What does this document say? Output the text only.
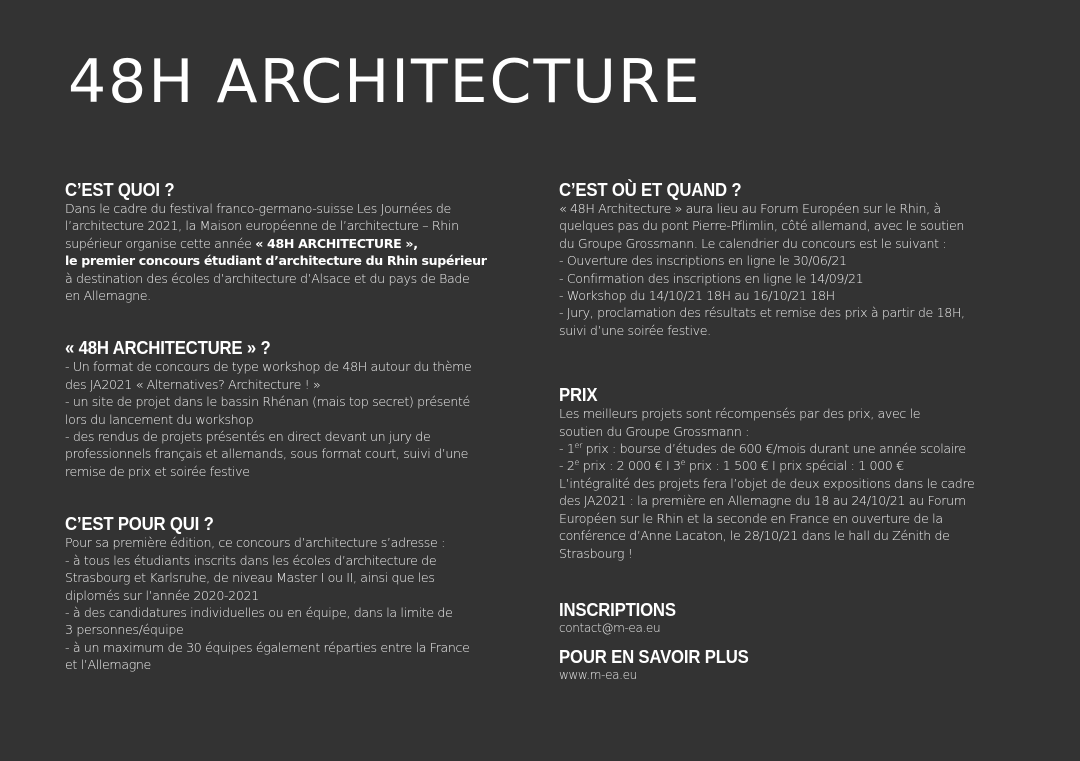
48H ARCHITECTURE
C’EST QUOI ?
Dans le cadre du festival franco-germano-suisse Les Journées de
l’architecture 2021, la Maison européenne de l’architecture – Rhin
supérieur organise cette année « 48H ARCHITECTURE »,
le premier concours étudiant d’architecture du Rhin supérieur
à destination des écoles d’architecture d’Alsace et du pays de Bade
en Allemagne.
« 48H ARCHITECTURE » ?
- Un format de concours de type workshop de 48H autour du thème
des JA2021 « Alternatives? Architecture ! »
- un site de projet dans le bassin Rhénan (mais top secret) présenté
lors du lancement du workshop
- des rendus de projets présentés en direct devant un jury de
professionnels français et allemands, sous format court, suivi d’une
remise de prix et soirée festive
C’EST POUR QUI ?
Pour sa première édition, ce concours d’architecture s’adresse :
- à tous les étudiants inscrits dans les écoles d’architecture de
Strasbourg et Karlsruhe, de niveau Master I ou II, ainsi que les
diplomés sur l’année 2020-2021
- à des candidatures individuelles ou en équipe, dans la limite de
3 personnes/équipe
- à un maximum de 30 équipes également réparties entre la France
et l’Allemagne
C’EST OÙ ET QUAND ?
« 48H Architecture » aura lieu au Forum Européen sur le Rhin, à
quelques pas du pont Pierre-Pflimlin, côté allemand, avec le soutien
du Groupe Grossmann. Le calendrier du concours est le suivant :
- Ouverture des inscriptions en ligne le 30/06/21
- Confirmation des inscriptions en ligne le 14/09/21
- Workshop du 14/10/21 18H au 16/10/21 18H
- Jury, proclamation des résultats et remise des prix à partir de 18H,
suivi d’une soirée festive.
PRIX
Les meilleurs projets sont récompensés par des prix, avec le
soutien du Groupe Grossmann :
- 1er prix : bourse d’études de 600 €/mois durant une année scolaire
- 2e prix : 2 000 € I 3e prix : 1 500 € I prix spécial : 1 000 €
L’intégralité des projets fera l’objet de deux expositions dans le cadre
des JA2021 : la première en Allemagne du 18 au 24/10/21 au Forum
Européen sur le Rhin et la seconde en France en ouverture de la
conférence d’Anne Lacaton, le 28/10/21 dans le hall du Zénith de
Strasbourg !
INSCRIPTIONS
contact@m-ea.eu
POUR EN SAVOIR PLUS
www.m-ea.eu
